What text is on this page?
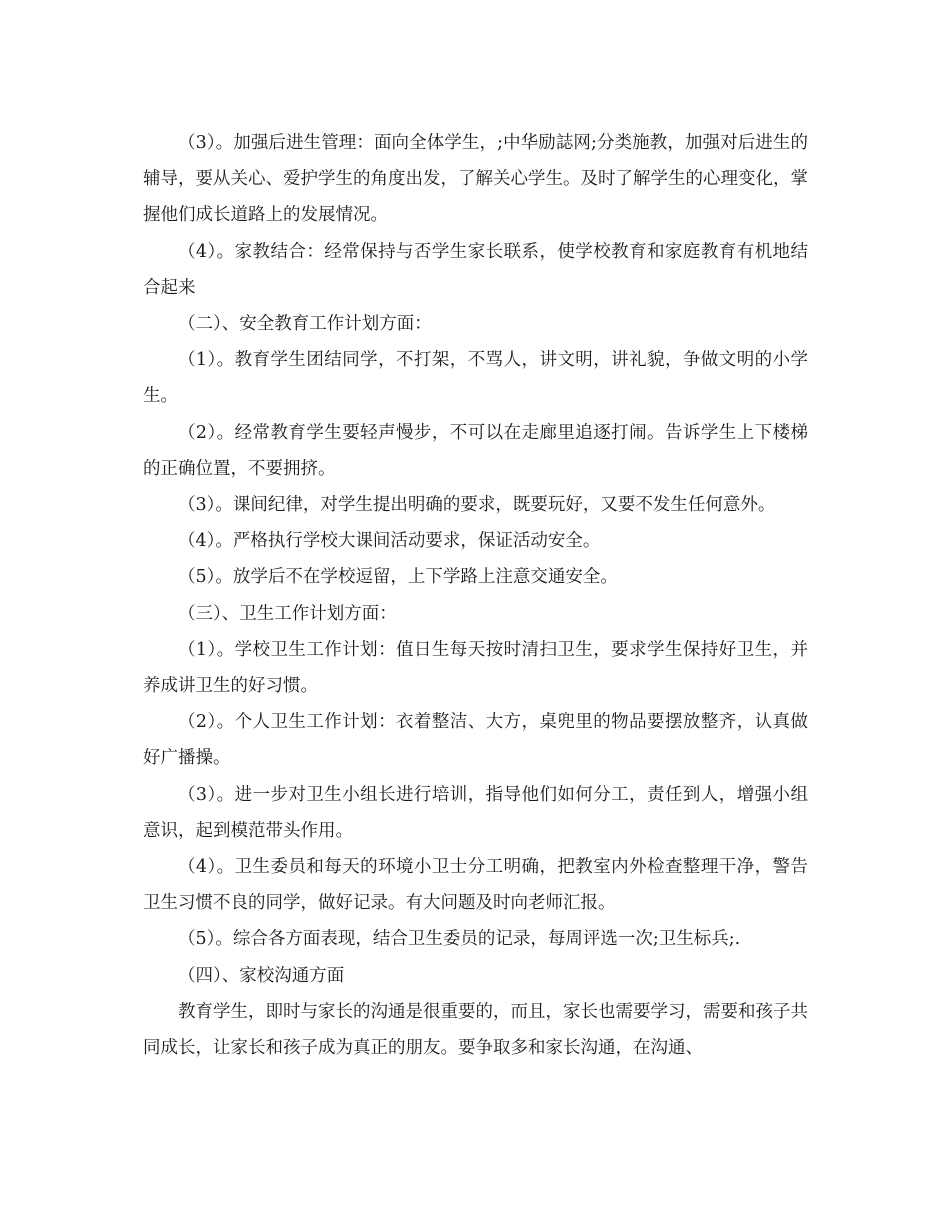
（3）。加强后进生管理：面向全体学生，;中华励誌网;分类施教，加强对后进生的辅导，要从关心、爱护学生的角度出发，了解关心学生。及时了解学生的心理变化，掌握他们成长道路上的发展情况。

（4）。家教结合：经常保持与否学生家长联系，使学校教育和家庭教育有机地结合起来

（二）、安全教育工作计划方面：

（1）。教育学生团结同学，不打架，不骂人，讲文明，讲礼貌，争做文明的小学生。

（2）。经常教育学生要轻声慢步，不可以在走廊里追逐打闹。告诉学生上下楼梯的正确位置，不要拥挤。

（3）。课间纪律，对学生提出明确的要求，既要玩好，又要不发生任何意外。

（4）。严格执行学校大课间活动要求，保证活动安全。

（5）。放学后不在学校逗留，上下学路上注意交通安全。

（三）、卫生工作计划方面：

（1）。学校卫生工作计划：值日生每天按时清扫卫生，要求学生保持好卫生，并养成讲卫生的好习惯。

（2）。个人卫生工作计划：衣着整洁、大方，桌兜里的物品要摆放整齐，认真做好广播操。

（3）。进一步对卫生小组长进行培训，指导他们如何分工，责任到人，增强小组意识，起到模范带头作用。

（4）。卫生委员和每天的环境小卫士分工明确，把教室内外检查整理干净，警告卫生习惯不良的同学，做好记录。有大问题及时向老师汇报。

（5）。综合各方面表现，结合卫生委员的记录，每周评选一次;卫生标兵;.

（四）、家校沟通方面

教育学生，即时与家长的沟通是很重要的，而且，家长也需要学习，需要和孩子共同成长，让家长和孩子成为真正的朋友。要争取多和家长沟通，在沟通、
